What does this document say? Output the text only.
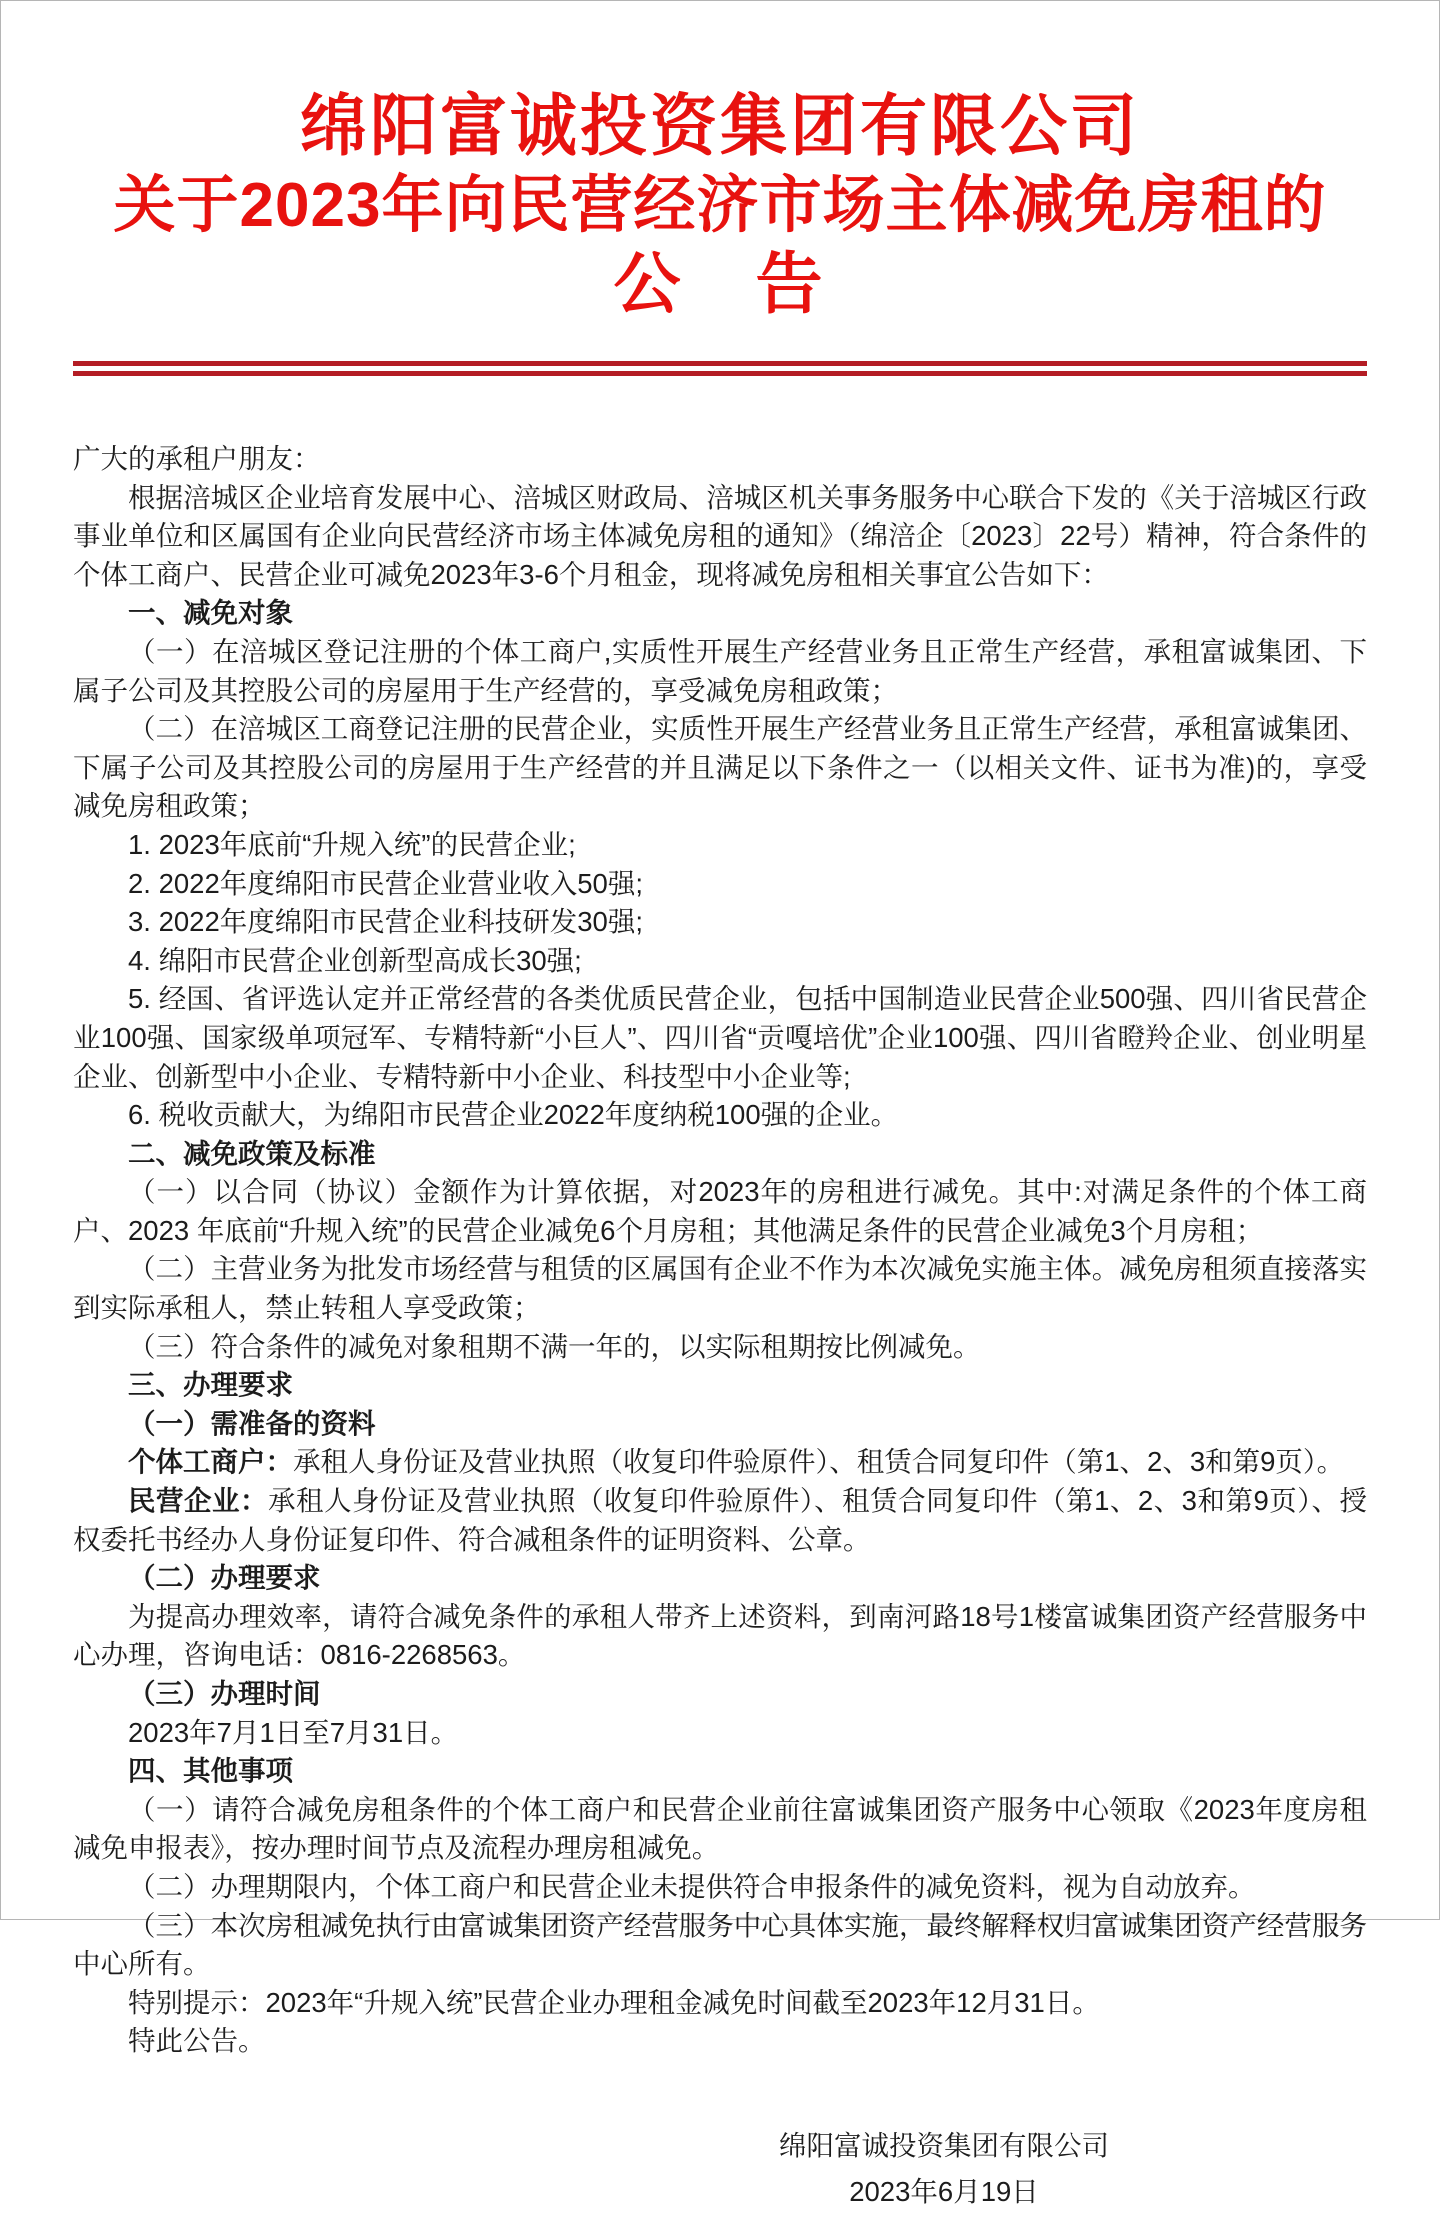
绵阳富诚投资集团有限公司
关于2023年向民营经济市场主体减免房租的
公　告

广大的承租户朋友：

根据涪城区企业培育发展中心、涪城区财政局、涪城区机关事务服务中心联合下发的《关于涪城区行政事业单位和区属国有企业向民营经济市场主体减免房租的通知》（绵涪企〔2023〕22号）精神，符合条件的个体工商户、民营企业可减免2023年3-6个月租金，现将减免房租相关事宜公告如下：

一、减免对象

（一）在涪城区登记注册的个体工商户,实质性开展生产经营业务且正常生产经营，承租富诚集团、下属子公司及其控股公司的房屋用于生产经营的，享受减免房租政策；

（二）在涪城区工商登记注册的民营企业，实质性开展生产经营业务且正常生产经营，承租富诚集团、下属子公司及其控股公司的房屋用于生产经营的并且满足以下条件之一（以相关文件、证书为准)的，享受减免房租政策；

1. 2023年底前“升规入统”的民营企业;

2. 2022年度绵阳市民营企业营业收入50强;

3. 2022年度绵阳市民营企业科技研发30强;

4. 绵阳市民营企业创新型高成长30强;

5. 经国、省评选认定并正常经营的各类优质民营企业，包括中国制造业民营企业500强、四川省民营企业100强、国家级单项冠军、专精特新“小巨人”、四川省“贡嘎培优”企业100强、四川省瞪羚企业、创业明星企业、创新型中小企业、专精特新中小企业、科技型中小企业等;

6. 税收贡献大，为绵阳市民营企业2022年度纳税100强的企业。

二、减免政策及标准

（一）以合同（协议）金额作为计算依据，对2023年的房租进行减免。其中:对满足条件的个体工商户、2023 年底前“升规入统”的民营企业减免6个月房租；其他满足条件的民营企业减免3个月房租；

（二）主营业务为批发市场经营与租赁的区属国有企业不作为本次减免实施主体。减免房租须直接落实到实际承租人，禁止转租人享受政策；

（三）符合条件的减免对象租期不满一年的，以实际租期按比例减免。

三、办理要求

（一）需准备的资料

个体工商户：承租人身份证及营业执照（收复印件验原件）、租赁合同复印件（第1、2、3和第9页）。

民营企业：承租人身份证及营业执照（收复印件验原件）、租赁合同复印件（第1、2、3和第9页）、授权委托书经办人身份证复印件、符合减租条件的证明资料、公章。

（二）办理要求

为提高办理效率，请符合减免条件的承租人带齐上述资料，到南河路18号1楼富诚集团资产经营服务中心办理，咨询电话：0816-2268563。

（三）办理时间

2023年7月1日至7月31日。

四、其他事项

（一）请符合减免房租条件的个体工商户和民营企业前往富诚集团资产服务中心领取《2023年度房租减免申报表》，按办理时间节点及流程办理房租减免。

（二）办理期限内，个体工商户和民营企业未提供符合申报条件的减免资料，视为自动放弃。

（三）本次房租减免执行由富诚集团资产经营服务中心具体实施，最终解释权归富诚集团资产经营服务中心所有。

特别提示：2023年“升规入统”民营企业办理租金减免时间截至2023年12月31日。

特此公告。

绵阳富诚投资集团有限公司
2023年6月19日
